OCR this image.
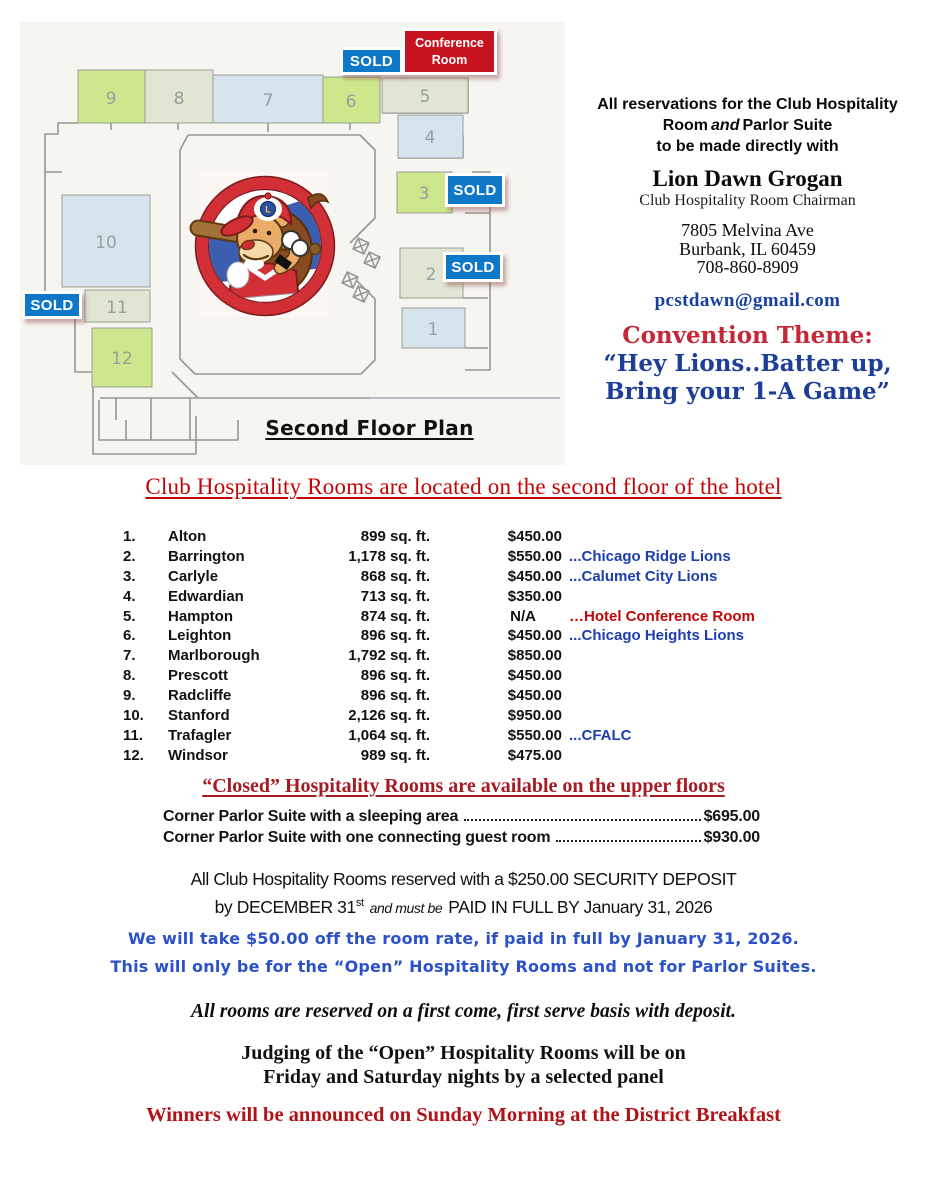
9	8	7	6	5
4
3
2
1
10
11
12
L
SOLD
Conference
Room
SOLD
SOLD
SOLD
Second Floor Plan
All reservations for the Club Hospitality
Room and Parlor Suite
to be made directly with
Lion Dawn Grogan
Club Hospitality Room Chairman
7805 Melvina Ave
Burbank, IL 60459
708-860-8909
pcstdawn@gmail.com
Convention Theme:
“Hey Lions..Batter up,
Bring your 1-A Game”
Club Hospitality Rooms are located on the second floor of the hotel
1.	Alton	899 sq. ft.	$450.00
2.	Barrington	1,178 sq. ft.	$550.00 ...Chicago Ridge Lions
3.	Carlyle	868 sq. ft.	$450.00 ...Calumet City Lions
4.	Edwardian	713 sq. ft.	$350.00
5.	Hampton	874 sq. ft.	N/A	…Hotel Conference Room
6.	Leighton	896 sq. ft.	$450.00 ...Chicago Heights Lions
7.	Marlborough	1,792 sq. ft.	$850.00
8.	Prescott	896 sq. ft.	$450.00
9.	Radcliffe	896 sq. ft.	$450.00
10.	Stanford	2,126 sq. ft.	$950.00
11.	Trafagler	1,064 sq. ft.	$550.00 ...CFALC
12.	Windsor	989 sq. ft.	$475.00
“Closed” Hospitality Rooms are available on the upper floors
Corner Parlor Suite with a sleeping area	$695.00
Corner Parlor Suite with one connecting guest room	$930.00
All Club Hospitality Rooms reserved with a $250.00 SECURITY DEPOSIT
by DECEMBER 31st and must be PAID IN FULL BY January 31, 2026
We will take $50.00 off the room rate, if paid in full by January 31, 2026.
This will only be for the “Open” Hospitality Rooms and not for Parlor Suites.
All rooms are reserved on a first come, first serve basis with deposit.
Judging of the “Open” Hospitality Rooms will be on
Friday and Saturday nights by a selected panel
Winners will be announced on Sunday Morning at the District Breakfast
